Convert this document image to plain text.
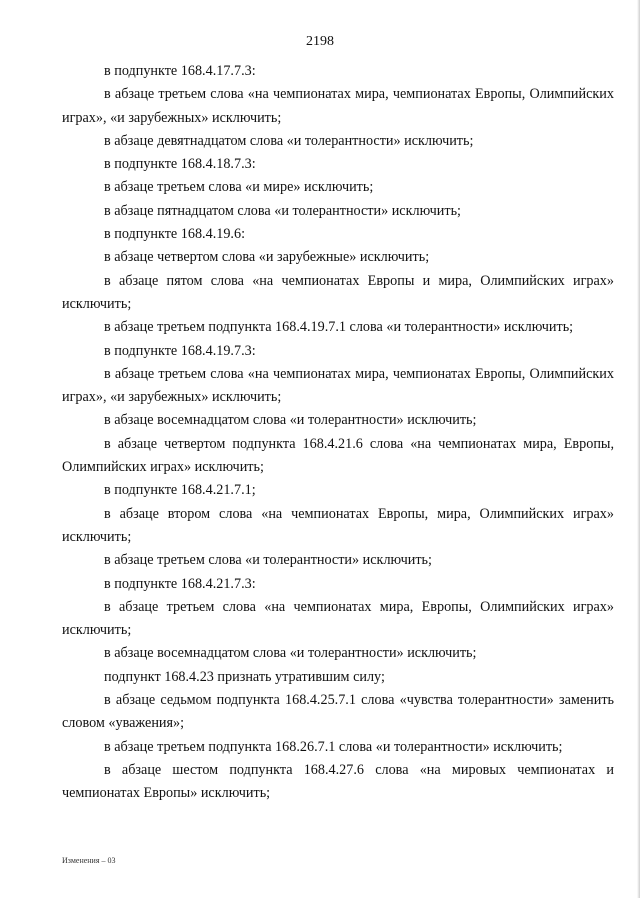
2198

в подпункте 168.4.17.7.3:

в абзаце третьем слова «на чемпионатах мира, чемпионатах Европы, Олимпийских играх», «и зарубежных» исключить;

в абзаце девятнадцатом слова «и толерантности» исключить;

в подпункте 168.4.18.7.3:

в абзаце третьем слова «и мире» исключить;

в абзаце пятнадцатом слова «и толерантности» исключить;

в подпункте 168.4.19.6:

в абзаце четвертом слова «и зарубежные» исключить;

в абзаце пятом слова «на чемпионатах Европы и мира, Олимпийских играх» исключить;

в абзаце третьем подпункта 168.4.19.7.1 слова «и толерантности» исключить;

в подпункте 168.4.19.7.3:

в абзаце третьем слова «на чемпионатах мира, чемпионатах Европы, Олимпийских играх», «и зарубежных» исключить;

в абзаце восемнадцатом слова «и толерантности» исключить;

в абзаце четвертом подпункта 168.4.21.6 слова «на чемпионатах мира, Европы, Олимпийских играх» исключить;

в подпункте 168.4.21.7.1;

в абзаце втором слова «на чемпионатах Европы, мира, Олимпийских играх» исключить;

в абзаце третьем слова «и толерантности» исключить;

в подпункте 168.4.21.7.3:

в абзаце третьем слова «на чемпионатах мира, Европы, Олимпийских играх» исключить;

в абзаце восемнадцатом слова «и толерантности» исключить;

подпункт 168.4.23 признать утратившим силу;

в абзаце седьмом подпункта 168.4.25.7.1 слова «чувства толерантности» заменить словом «уважения»;

в абзаце третьем подпункта 168.26.7.1 слова «и толерантности» исключить;

в абзаце шестом подпункта 168.4.27.6 слова «на мировых чемпионатах и чемпионатах Европы» исключить;

Изменения – 03
